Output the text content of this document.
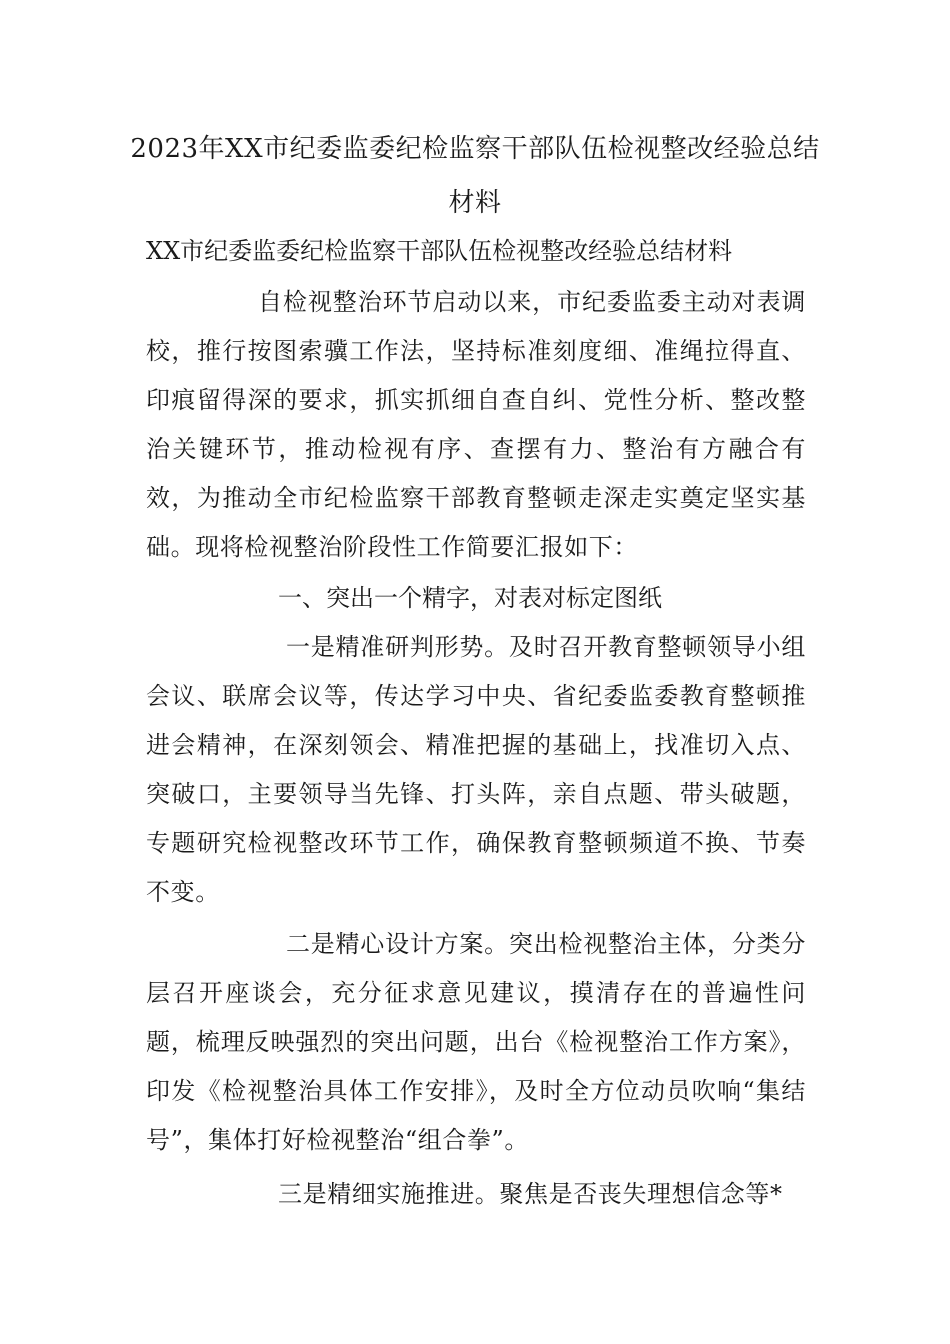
2023年XX市纪委监委纪检监察干部队伍检视整改经验总结材料
XX市纪委监委纪检监察干部队伍检视整改经验总结材料

自检视整治环节启动以来，市纪委监委主动对表调校，推行按图索骥工作法，坚持标准刻度细、准绳拉得直、印痕留得深的要求，抓实抓细自查自纠、党性分析、整改整治关键环节，推动检视有序、查摆有力、整治有方融合有效，为推动全市纪检监察干部教育整顿走深走实奠定坚实基础。现将检视整治阶段性工作简要汇报如下：

一、突出一个精字，对表对标定图纸

一是精准研判形势。及时召开教育整顿领导小组会议、联席会议等，传达学习中央、省纪委监委教育整顿推进会精神，在深刻领会、精准把握的基础上，找准切入点、突破口，主要领导当先锋、打头阵，亲自点题、带头破题，专题研究检视整改环节工作，确保教育整顿频道不换、节奏不变。

二是精心设计方案。突出检视整治主体，分类分层召开座谈会，充分征求意见建议，摸清存在的普遍性问题，梳理反映强烈的突出问题，出台《检视整治工作方案》，印发《检视整治具体工作安排》，及时全方位动员吹响“集结号”，集体打好检视整治“组合拳”。

三是精细实施推进。聚焦是否丧失理想信念等*
